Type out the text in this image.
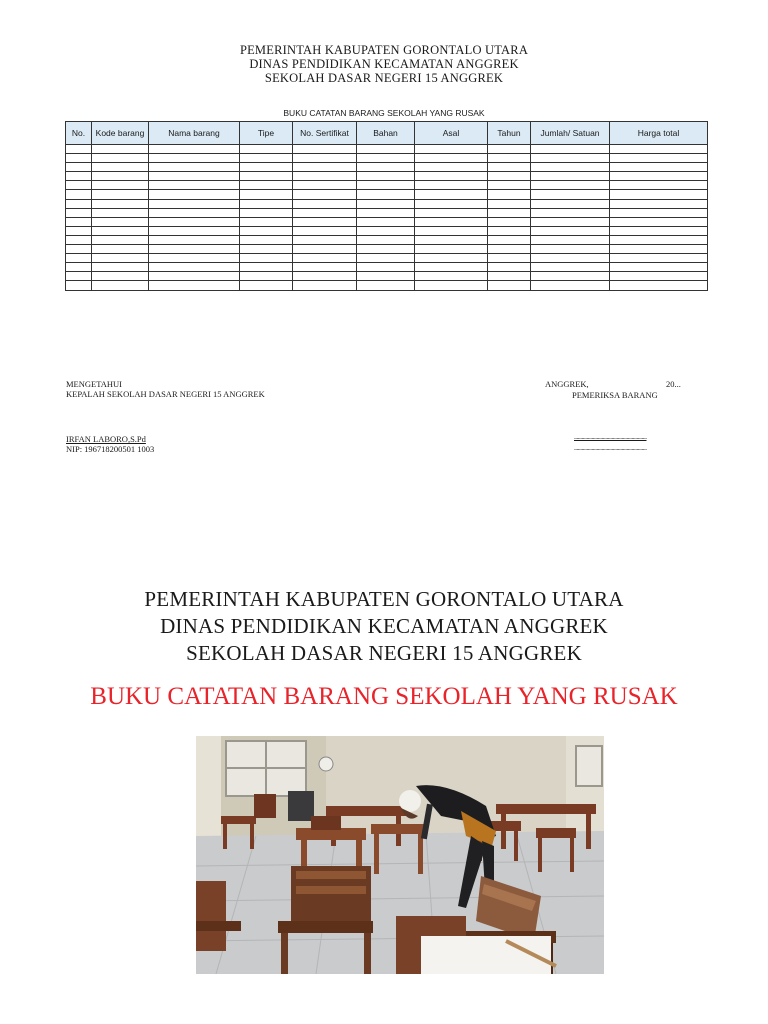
PEMERINTAH KABUPATEN GORONTALO UTARA
DINAS PENDIDIKAN KECAMATAN ANGGREK
SEKOLAH DASAR NEGERI 15 ANGGREK
BUKU CATATAN BARANG SEKOLAH YANG RUSAK
No.	Kode barang	Nama barang	Tipe	No. Sertifikat	Bahan	Asal	Tahun	Jumlah/ Satuan	Harga total

MENGETAHUI
KEPALAH SEKOLAH DASAR NEGERI 15 ANGGREK
ANGGREK,	20...
PEMERIKSA BARANG
IRFAN LABORO,S.Pd
NIP: 196718200501 1003
..........................................................
..........................................................
PEMERINTAH KABUPATEN GORONTALO UTARA
DINAS PENDIDIKAN KECAMATAN ANGGREK
SEKOLAH DASAR NEGERI 15 ANGGREK
BUKU CATATAN BARANG SEKOLAH YANG RUSAK
